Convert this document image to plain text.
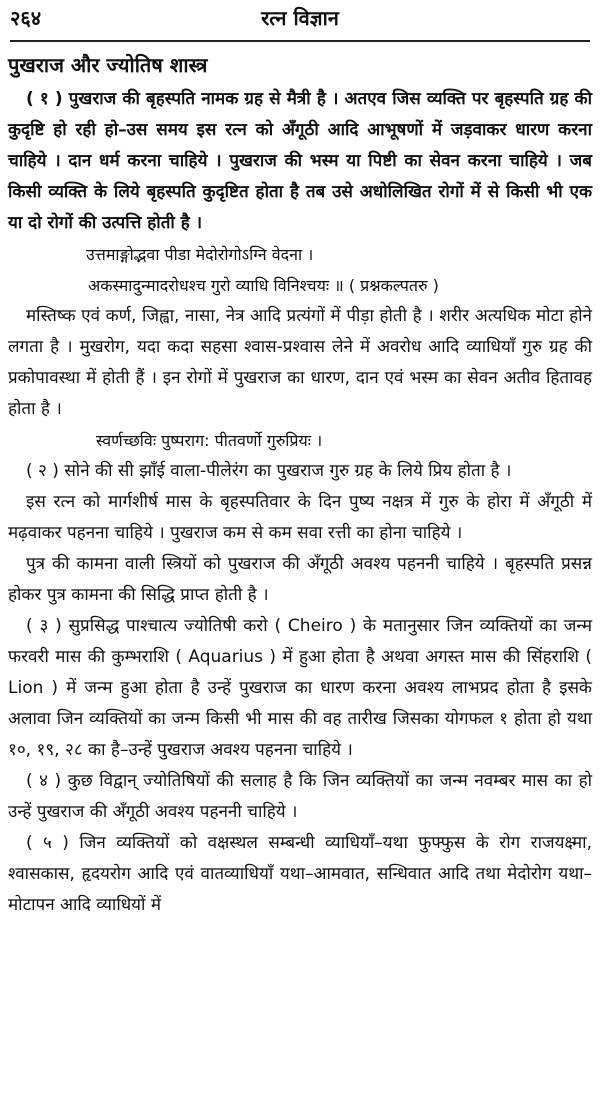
२६४	रत्न विज्ञान
पुखराज और ज्योतिष शास्त्र

( १ ) पुखराज की बृहस्पति नामक ग्रह से मैत्री है । अतएव जिस व्यक्ति पर बृहस्पति ग्रह की कुदृष्टि हो रही हो–उस समय इस रत्न को अँगूठी आदि आभूषणों में जड़वाकर धारण करना चाहिये । दान धर्म करना चाहिये । पुखराज की भस्म या पिष्टी का सेवन करना चाहिये । जब किसी व्यक्ति के लिये बृहस्पति कुदृष्टित होता है तब उसे अधोलिखित रोगों में से किसी भी एक या दो रोगों की उत्पत्ति होती है ।

उत्तमाङ्गोद्भवा पीडा मेदोरोगोऽग्नि वेदना ।

अकस्मादुन्मादरोधश्च गुरो व्याधि विनिश्चयः ॥ ( प्रश्नकल्पतरु )

मस्तिष्क एवं कर्ण, जिह्वा, नासा, नेत्र आदि प्रत्यंगों में पीड़ा होती है । शरीर अत्यधिक मोटा होने लगता है । मुखरोग, यदा कदा सहसा श्वास-प्रश्वास लेने में अवरोध आदि व्याधियाँ गुरु ग्रह की प्रकोपावस्था में होती हैं । इन रोगों में पुखराज का धारण, दान एवं भस्म का सेवन अतीव हितावह होता है ।

स्वर्णच्छविः पुष्पराग: पीतवर्णो गुरुप्रियः ।

( २ ) सोने की सी झाँई वाला-पीलेरंग का पुखराज गुरु ग्रह के लिये प्रिय होता है ।

इस रत्न को मार्गशीर्ष मास के बृहस्पतिवार के दिन पुष्य नक्षत्र में गुरु के होरा में अँगूठी में मढ़वाकर पहनना चाहिये । पुखराज कम से कम सवा रत्ती का होना चाहिये ।

पुत्र की कामना वाली स्त्रियों को पुखराज की अँगूठी अवश्य पहननी चाहिये । बृहस्पति प्रसन्न होकर पुत्र कामना की सिद्धि प्राप्त होती है ।

( ३ ) सुप्रसिद्ध पाश्चात्य ज्योतिषी करो ( Cheiro ) के मतानुसार जिन व्यक्तियों का जन्म फरवरी मास की कुम्भराशि ( Aquarius ) में हुआ होता है अथवा अगस्त मास की सिंहराशि ( Lion ) में जन्म हुआ होता है उन्हें पुखराज का धारण करना अवश्य लाभप्रद होता है इसके अलावा जिन व्यक्तियों का जन्म किसी भी मास की वह तारीख जिसका योगफल १ होता हो यथा १०, १९, २८ का है–उन्हें पुखराज अवश्य पहनना चाहिये ।

( ४ ) कुछ विद्वान् ज्योतिषियों की सलाह है कि जिन व्यक्तियों का जन्म नवम्बर मास का हो उन्हें पुखराज की अँगूठी अवश्य पहननी चाहिये ।

( ५ ) जिन व्यक्तियों को वक्षस्थल सम्बन्धी व्याधियाँ–यथा फुफ्फुस के रोग राजयक्ष्मा, श्वासकास, हृदयरोग आदि एवं वातव्याधियाँ यथा–आमवात, सन्धिवात आदि तथा मेदोरोग यथा–मोटापन आदि व्याधियों में
